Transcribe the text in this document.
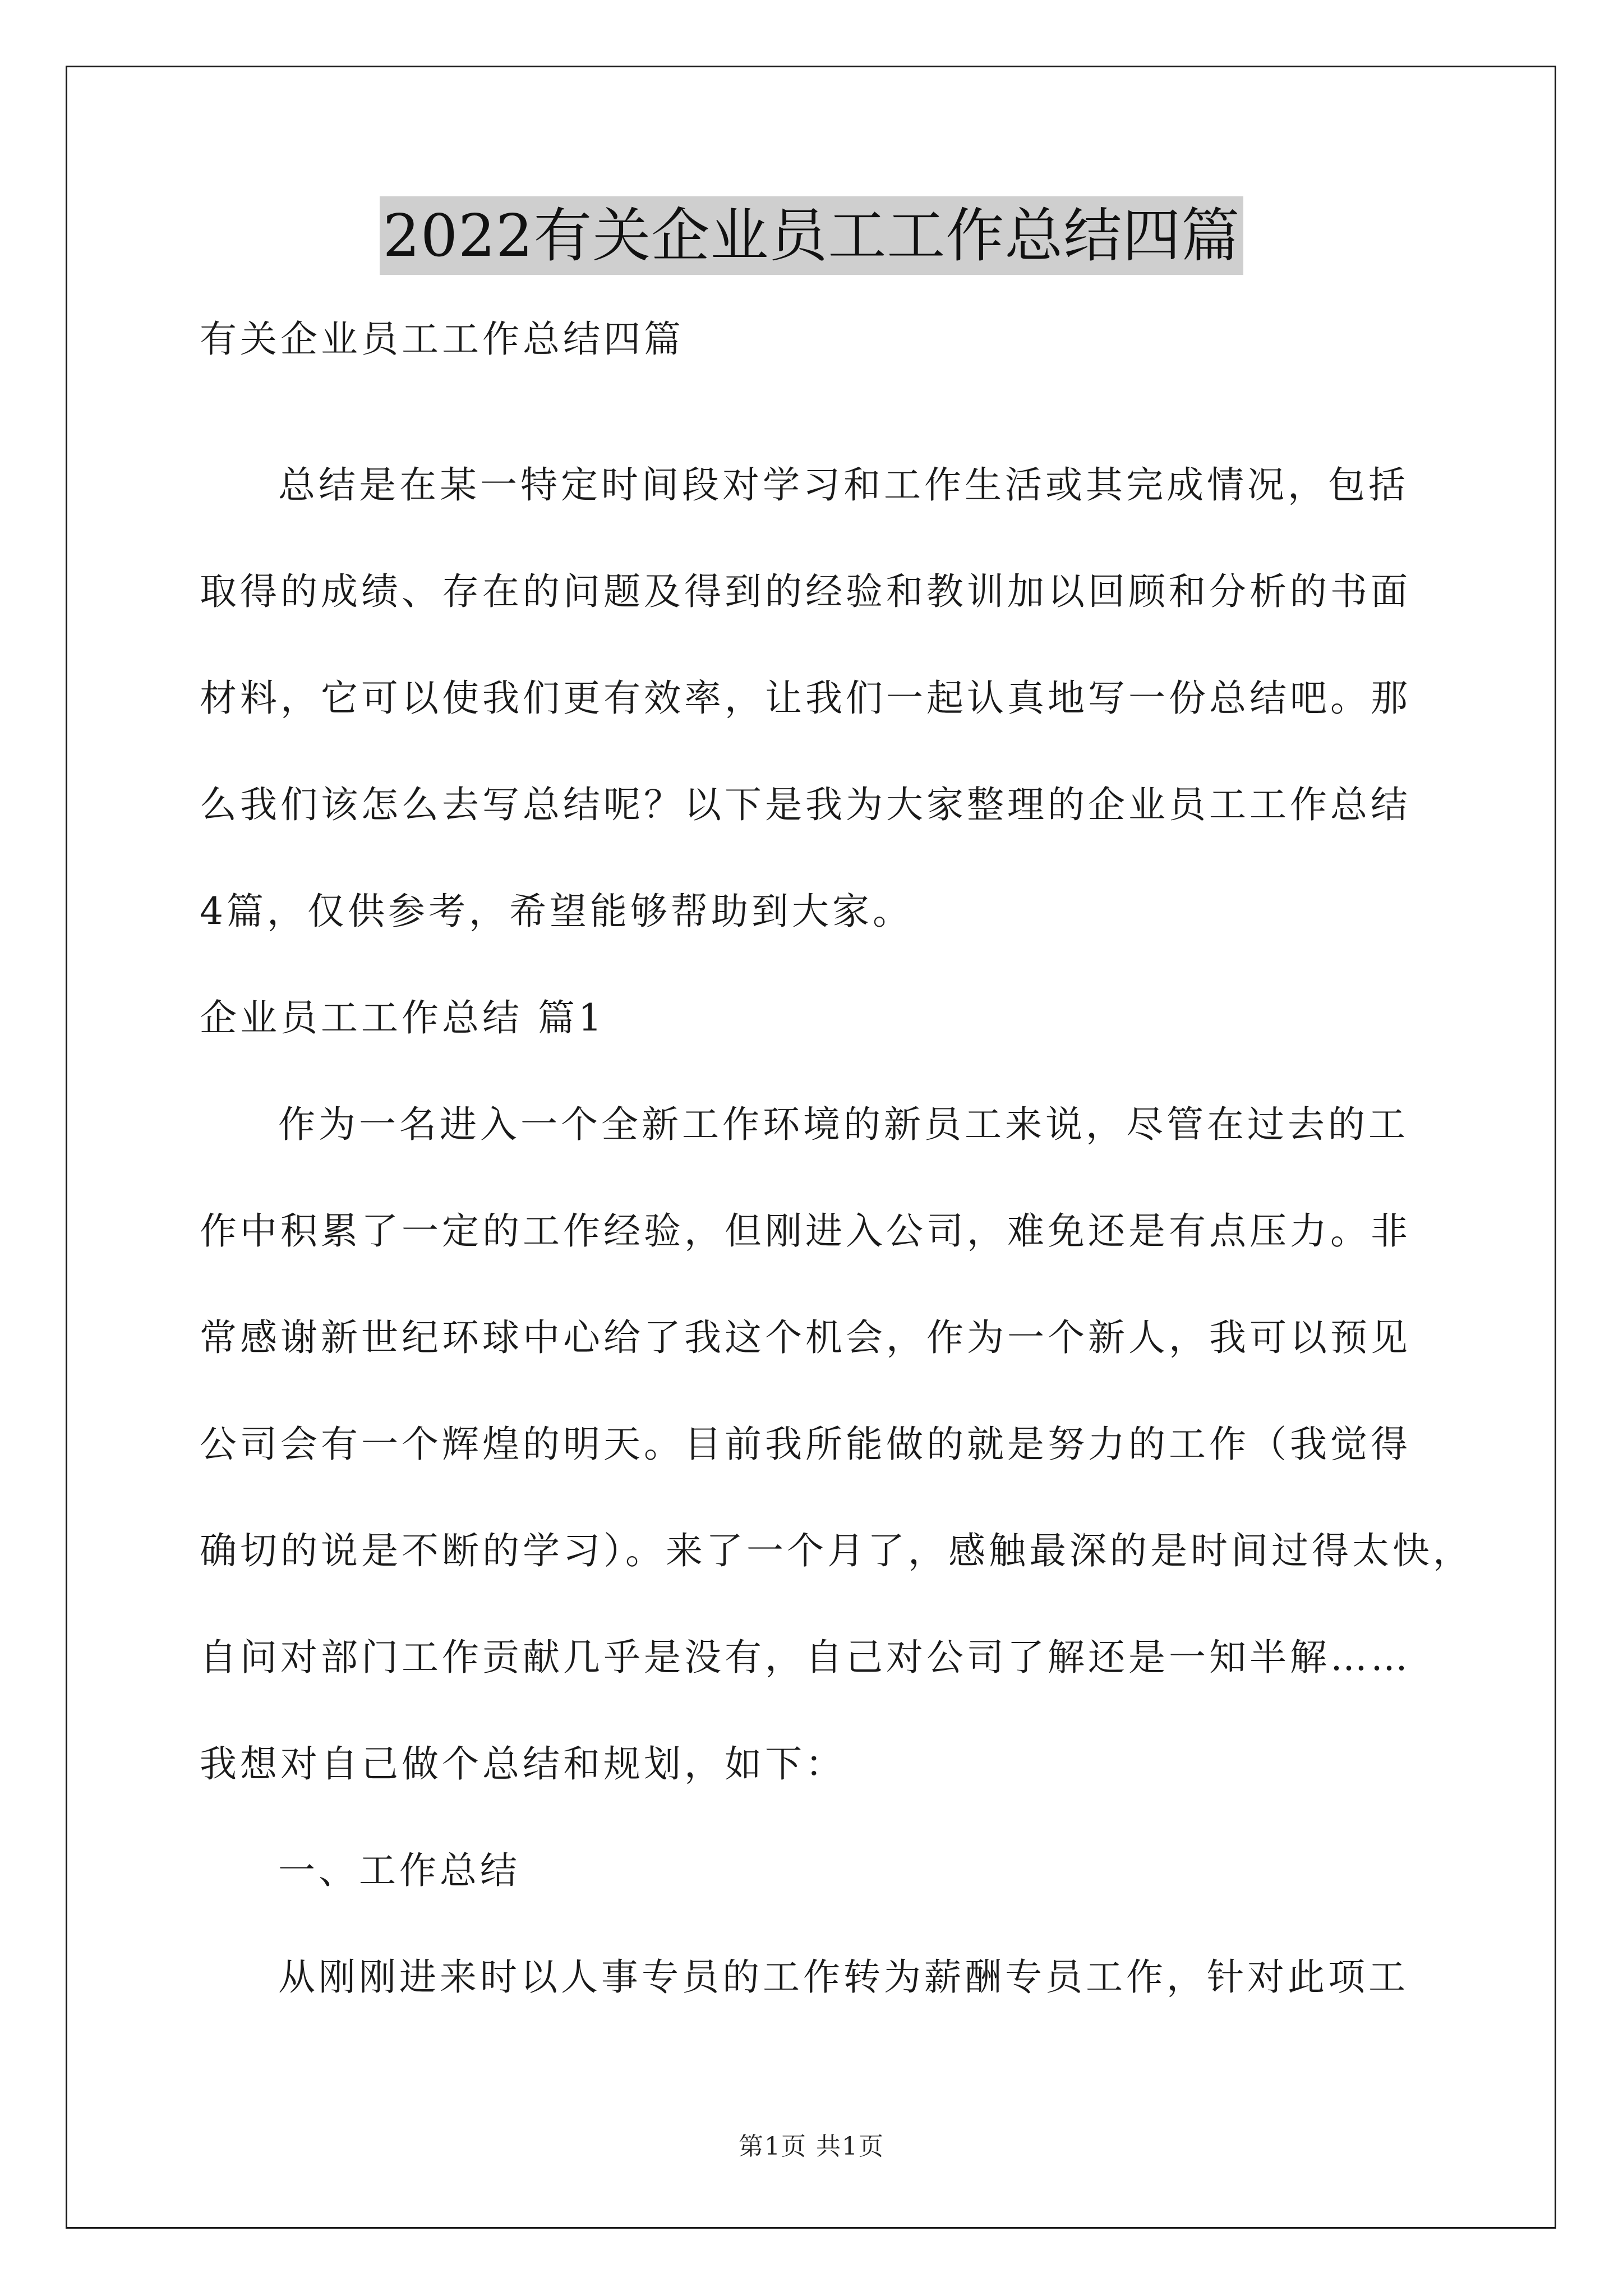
2022有关企业员工工作总结四篇
有关企业员工工作总结四篇
总结是在某一特定时间段对学习和工作生活或其完成情况，包括
取得的成绩、存在的问题及得到的经验和教训加以回顾和分析的书面
材料，它可以使我们更有效率，让我们一起认真地写一份总结吧。那
么我们该怎么去写总结呢？以下是我为大家整理的企业员工工作总结
4篇，仅供参考，希望能够帮助到大家。
企业员工工作总结 篇1
作为一名进入一个全新工作环境的新员工来说，尽管在过去的工
作中积累了一定的工作经验，但刚进入公司，难免还是有点压力。非
常感谢新世纪环球中心给了我这个机会，作为一个新人，我可以预见
公司会有一个辉煌的明天。目前我所能做的就是努力的工作（我觉得
确切的说是不断的学习）。来了一个月了，感触最深的是时间过得太快，
自问对部门工作贡献几乎是没有，自己对公司了解还是一知半解……
我想对自己做个总结和规划，如下：
一、工作总结
从刚刚进来时以人事专员的工作转为薪酬专员工作，针对此项工
第1页 共1页
